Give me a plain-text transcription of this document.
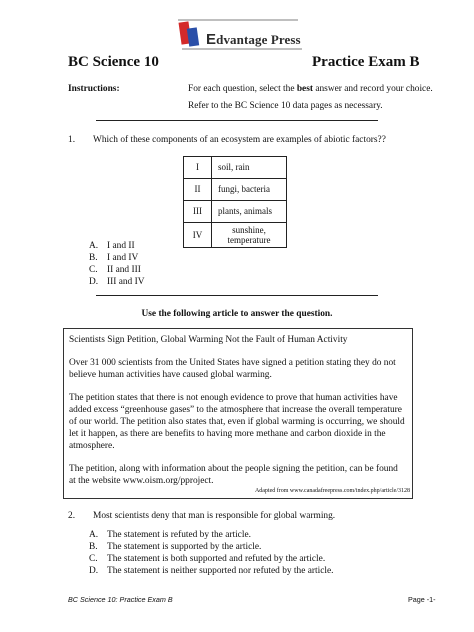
Edvantage Press
BC Science 10	Practice Exam B
Instructions:	For each question, select the best answer and record your choice.
Refer to the BC Science 10 data pages as necessary.
1. Which of these components of an ecosystem are examples of abiotic factors??
I	soil, rain
II	fungi, bacteria
III	plants, animals
IV	sunshine,
temperature
A. I and II
B. I and IV
C. II and III
D. III and IV
Use the following article to answer the question.
Scientists Sign Petition, Global Warming Not the Fault of Human Activity
Over 31 000 scientists from the United States have signed a petition stating they do not
believe human activities have caused global warming.
The petition states that there is not enough evidence to prove that human activities have
added excess “greenhouse gases” to the atmosphere that increase the overall temperature
of our world. The petition also states that, even if global warming is occurring, we should
let it happen, as there are benefits to having more methane and carbon dioxide in the
atmosphere.
The petition, along with information about the people signing the petition, can be found
at the website www.oism.org/pproject.
Adapted from www.canadafreepress.com/index.php/article/3128
2. Most scientists deny that man is responsible for global warming.
A. The statement is refuted by the article.
B. The statement is supported by the article.
C. The statement is both supported and refuted by the article.
D. The statement is neither supported nor refuted by the article.
BC Science 10: Practice Exam B	Page -1-
